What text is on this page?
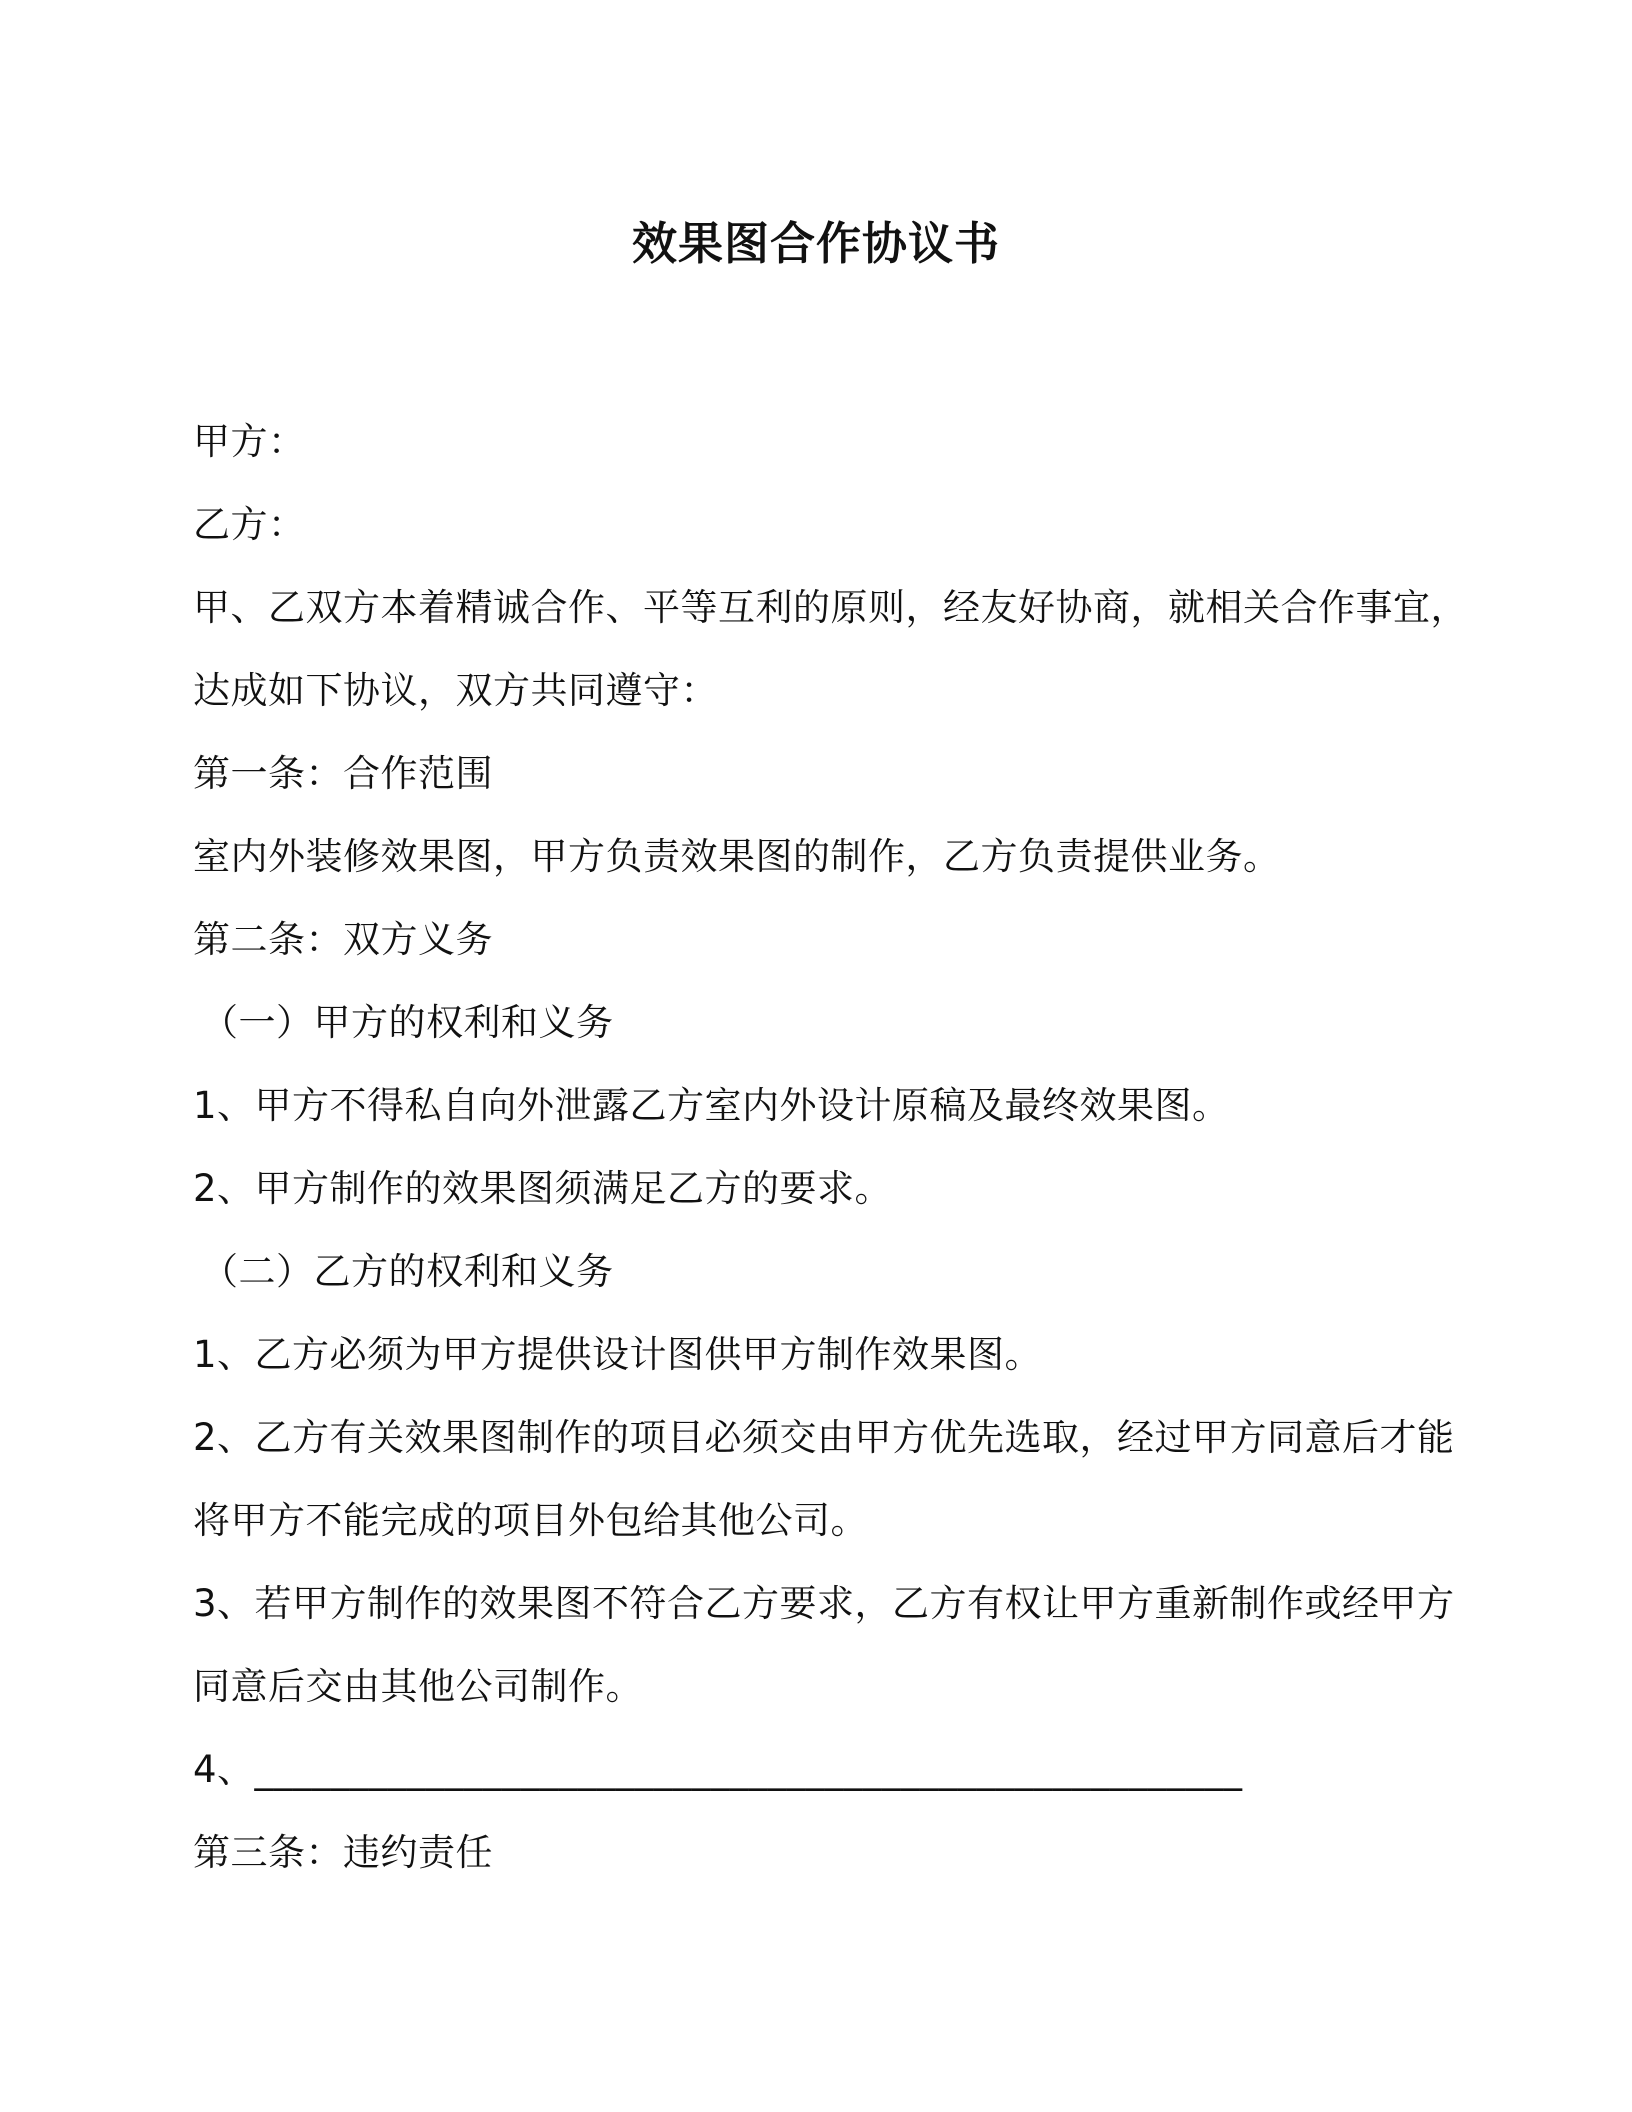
效果图合作协议书
甲方：
乙方：
甲、乙双方本着精诚合作、平等互利的原则，经友好协商，就相关合作事宜，
达成如下协议，双方共同遵守：
第一条：合作范围
室内外装修效果图，甲方负责效果图的制作，乙方负责提供业务。
第二条：双方义务
（一）甲方的权利和义务
1、甲方不得私自向外泄露乙方室内外设计原稿及最终效果图。
2、甲方制作的效果图须满足乙方的要求。
（二）乙方的权利和义务
1、乙方必须为甲方提供设计图供甲方制作效果图。
2、乙方有关效果图制作的项目必须交由甲方优先选取，经过甲方同意后才能
将甲方不能完成的项目外包给其他公司。
3、若甲方制作的效果图不符合乙方要求，乙方有权让甲方重新制作或经甲方
同意后交由其他公司制作。
4、____________________________________________________
第三条：违约责任
